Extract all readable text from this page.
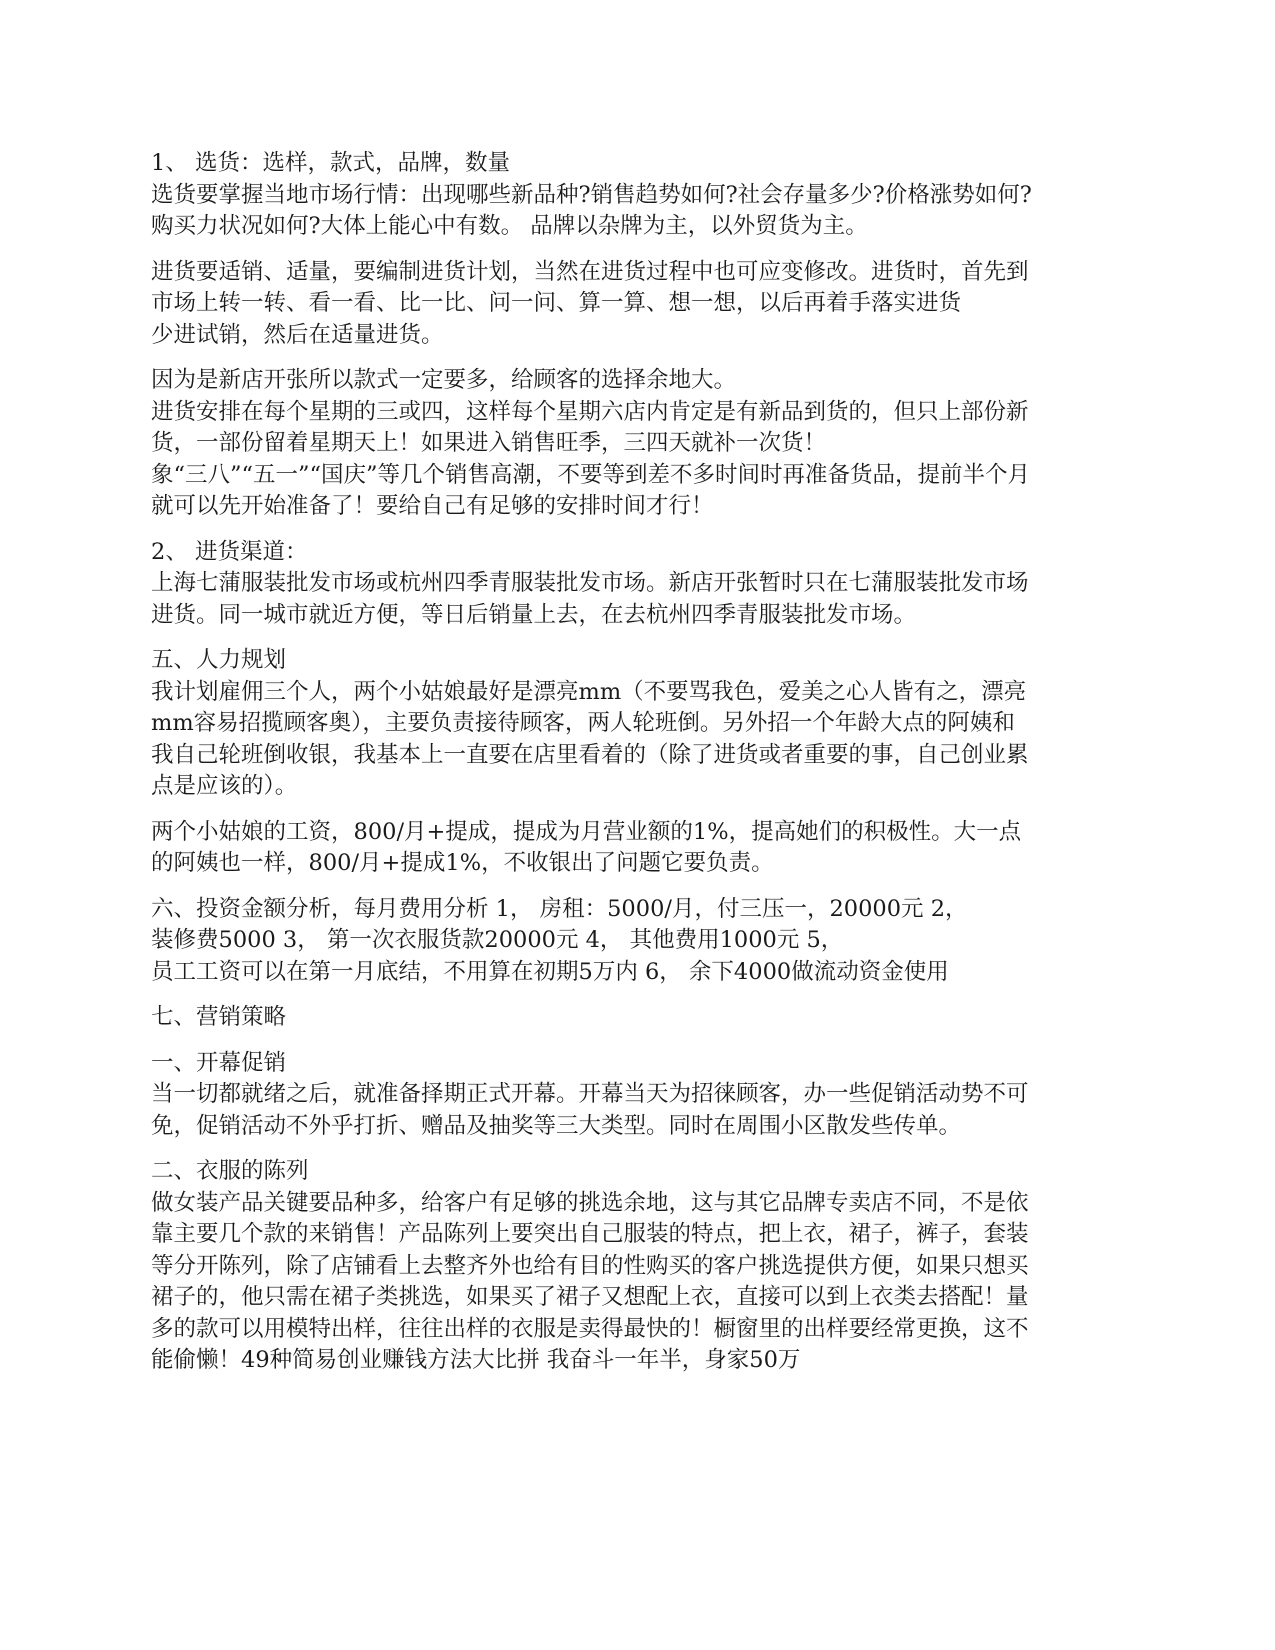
1、 选货：选样，款式，品牌，数量
选货要掌握当地市场行情：出现哪些新品种?销售趋势如何?社会存量多少?价格涨势如何?
购买力状况如何?大体上能心中有数。 品牌以杂牌为主，以外贸货为主。
进货要适销、适量，要编制进货计划，当然在进货过程中也可应变修改。进货时，首先到
市场上转一转、看一看、比一比、问一问、算一算、想一想，以后再着手落实进货
少进试销，然后在适量进货。
因为是新店开张所以款式一定要多，给顾客的选择余地大。
进货安排在每个星期的三或四，这样每个星期六店内肯定是有新品到货的，但只上部份新
货，一部份留着星期天上！如果进入销售旺季，三四天就补一次货！
象“三八”“五一”“国庆”等几个销售高潮，不要等到差不多时间时再准备货品，提前半个月
就可以先开始准备了！要给自己有足够的安排时间才行！
2、 进货渠道：
上海七蒲服装批发市场或杭州四季青服装批发市场。新店开张暂时只在七蒲服装批发市场
进货。同一城市就近方便，等日后销量上去，在去杭州四季青服装批发市场。
五、人力规划
我计划雇佣三个人，两个小姑娘最好是漂亮mm（不要骂我色，爱美之心人皆有之，漂亮
mm容易招揽顾客奥），主要负责接待顾客，两人轮班倒。另外招一个年龄大点的阿姨和
我自己轮班倒收银，我基本上一直要在店里看着的（除了进货或者重要的事，自己创业累
点是应该的）。
两个小姑娘的工资，800/月+提成，提成为月营业额的1%，提高她们的积极性。大一点
的阿姨也一样，800/月+提成1%，不收银出了问题它要负责。
六、投资金额分析，每月费用分析 1， 房租：5000/月，付三压一，20000元 2，
装修费5000 3， 第一次衣服货款20000元 4， 其他费用1000元 5，
员工工资可以在第一月底结，不用算在初期5万内 6， 余下4000做流动资金使用
七、营销策略
一、开幕促销
当一切都就绪之后，就准备择期正式开幕。开幕当天为招徕顾客，办一些促销活动势不可
免，促销活动不外乎打折、赠品及抽奖等三大类型。同时在周围小区散发些传单。
二、衣服的陈列
做女装产品关键要品种多，给客户有足够的挑选余地，这与其它品牌专卖店不同，不是依
靠主要几个款的来销售！产品陈列上要突出自己服装的特点，把上衣，裙子，裤子，套装
等分开陈列，除了店铺看上去整齐外也给有目的性购买的客户挑选提供方便，如果只想买
裙子的，他只需在裙子类挑选，如果买了裙子又想配上衣，直接可以到上衣类去搭配！量
多的款可以用模特出样，往往出样的衣服是卖得最快的！橱窗里的出样要经常更换，这不
能偷懒！49种简易创业赚钱方法大比拼 我奋斗一年半，身家50万
